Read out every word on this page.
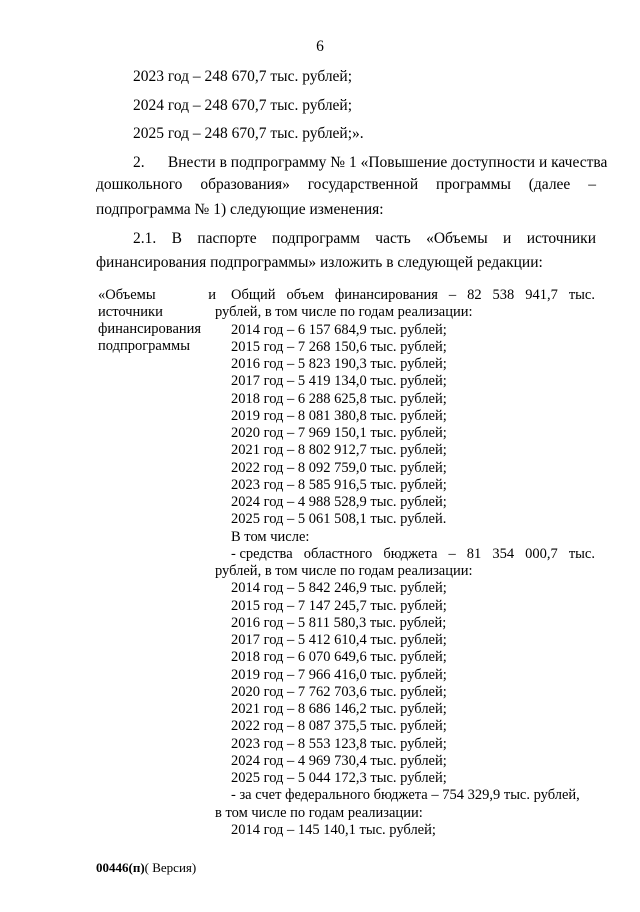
6
2023 год – 248 670,7 тыс. рублей;
2024 год – 248 670,7 тыс. рублей;
2025 год – 248 670,7 тыс. рублей;».
2.      Внести в подпрограмму № 1 «Повышение доступности и качества
дошкольного образования» государственной программы (далее –
подпрограмма № 1) следующие изменения:
2.1. В паспорте подпрограмм часть «Объемы и источники
финансирования подпрограммы» изложить в следующей редакции:
«Объемы	и
источники
финансирования
подпрограммы
Общий объем финансирования – 82 538 941,7 тыс.
рублей, в том числе по годам реализации:
2014 год – 6 157 684,9 тыс. рублей;
2015 год – 7 268 150,6 тыс. рублей;
2016 год – 5 823 190,3 тыс. рублей;
2017 год – 5 419 134,0 тыс. рублей;
2018 год – 6 288 625,8 тыс. рублей;
2019 год – 8 081 380,8 тыс. рублей;
2020 год – 7 969 150,1 тыс. рублей;
2021 год – 8 802 912,7 тыс. рублей;
2022 год – 8 092 759,0 тыс. рублей;
2023 год – 8 585 916,5 тыс. рублей;
2024 год – 4 988 528,9 тыс. рублей;
2025 год – 5 061 508,1 тыс. рублей.
В том числе:
- средства областного бюджета – 81 354 000,7 тыс.
рублей, в том числе по годам реализации:
2014 год – 5 842 246,9 тыс. рублей;
2015 год – 7 147 245,7 тыс. рублей;
2016 год – 5 811 580,3 тыс. рублей;
2017 год – 5 412 610,4 тыс. рублей;
2018 год – 6 070 649,6 тыс. рублей;
2019 год – 7 966 416,0 тыс. рублей;
2020 год – 7 762 703,6 тыс. рублей;
2021 год – 8 686 146,2 тыс. рублей;
2022 год – 8 087 375,5 тыс. рублей;
2023 год – 8 553 123,8 тыс. рублей;
2024 год – 4 969 730,4 тыс. рублей;
2025 год – 5 044 172,3 тыс. рублей;
- за счет федерального бюджета – 754 329,9 тыс. рублей,
в том числе по годам реализации:
2014 год – 145 140,1 тыс. рублей;
00446(п)( Версия)
